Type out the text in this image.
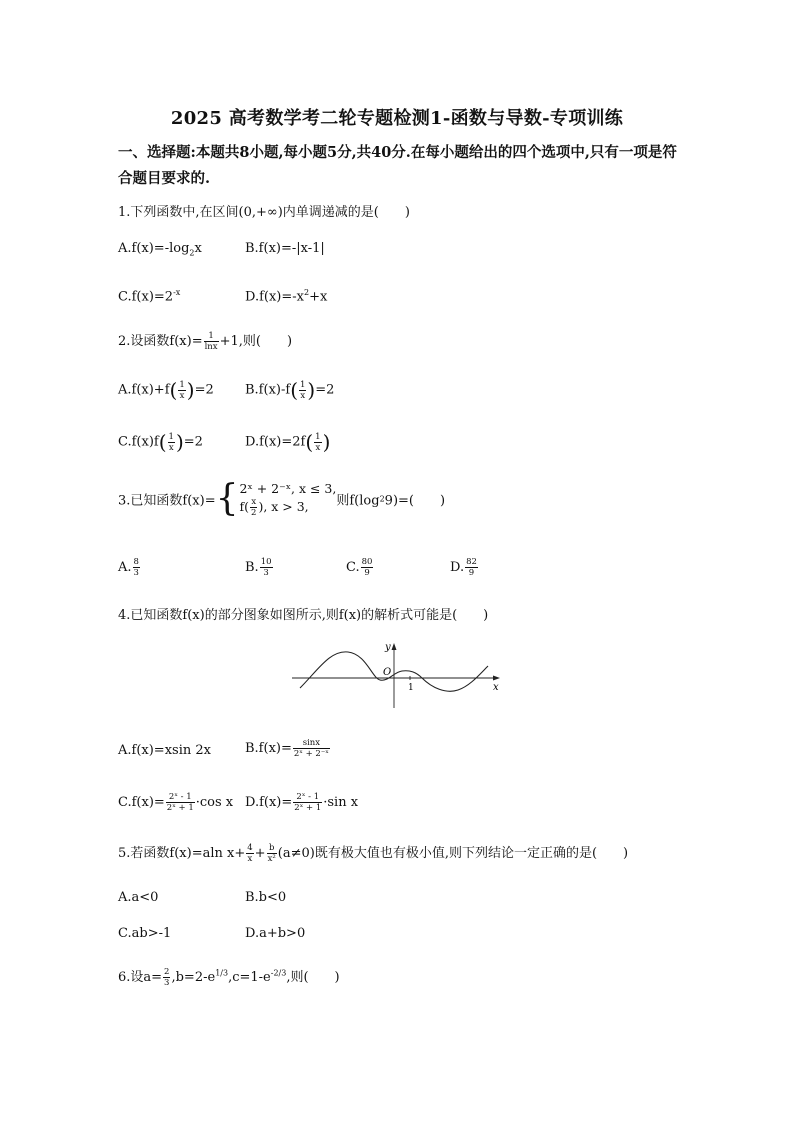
2025 高考数学考二轮专题检测1-函数与导数-专项训练
一、选择题:本题共8小题,每小题5分,共40分.在每小题给出的四个选项中,只有一项是符合题目要求的.
1.下列函数中,在区间(0,+∞)内单调递减的是(　　)
$A.f(x)=-\log_2x$	B.f(x)=-|x-1|
$C.f(x)=2^{-x}$	$D.f(x)=-x^2+x$
2.设函数$f(x)= \frac{1}{\ln x} +1$,则(　　)
$A.f(x)+f( \frac{1}{x} )=2$ $B.f(x)-f( \frac{1}{x} )=2$
$C.f(x)f( \frac{1}{x} )=2$	$D.f(x)=2f( \frac{1}{x}$ )
3.已知函数f(x)={ 2ˣ + 2⁻ˣ, x ≤ 3,
$f( \frac{x}{2}$ ), x > 3,	则f(log29)=(　　)
A. $\frac{8}{3}$	B. $\frac{10}{3}$	C. $\frac{80}{9}$	D. $\frac{82}{9}$
4.已知函数f(x)的部分图象如图所示,则f(x)的解析式可能是(　　)
y
x
O
1
A.f(x)=xsin 2x	$B.f(x)= \frac{\sin x}{\text{2ˣ + 2⁻ˣ}}$
$C.f(x)= \frac{\text{2ˣ - 1}}{\text{2ˣ + 1}} \cdot\cos$ x $D.f(x)= \frac{\text{2ˣ - 1}}{\text{2ˣ + 1}} \cdot\sin$ x
5.若函数f(x)=aln $x+ \frac{4}{x} + \frac{b}{\text{x²}} (a\ne 0)$既有极大值也有极小值,则下列结论一定正确的是(　　)
A.a<0	B.b<0
C.ab>-1	D.a+b>0
6.设$a= \frac{2}{3} ,b=2-e^{1/3},c=1-e^{-2/3}$,则(　　)
